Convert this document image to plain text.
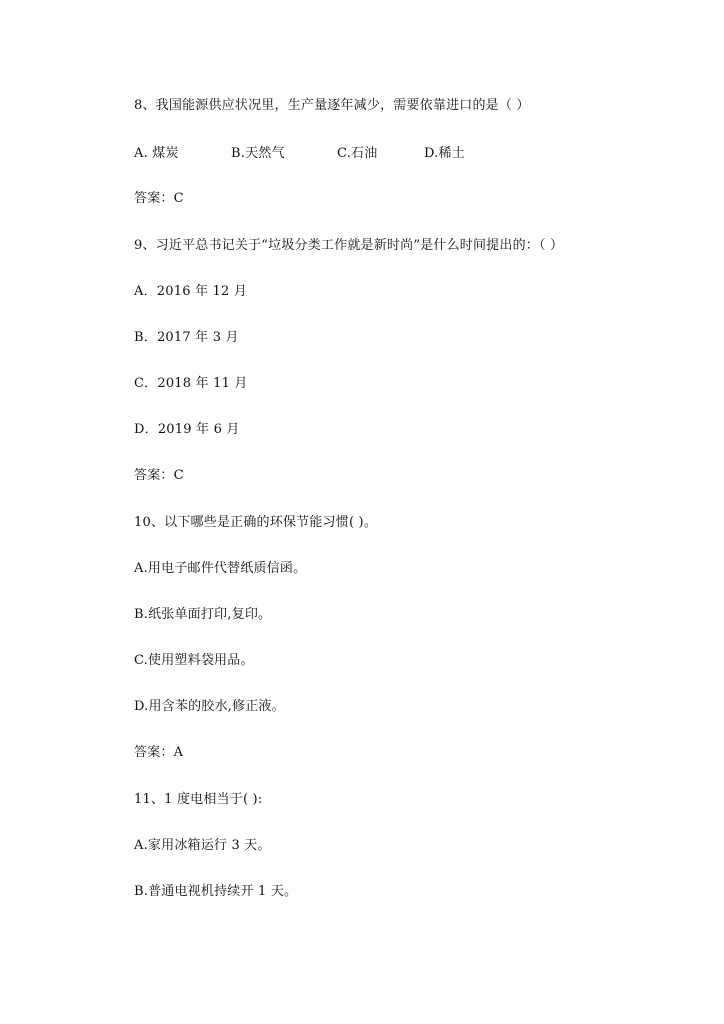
8、我国能源供应状况里，生产量逐年减少，需要依靠进口的是（ ）
A. 煤炭	B.天然气	C.石油	D.稀土
答案：C
9、习近平总书记关于“垃圾分类工作就是新时尚”是什么时间提出的：（ ）
A．2016 年 12 月
B．2017 年 3 月
C．2018 年 11 月
D．2019 年 6 月
答案：C
10、以下哪些是正确的环保节能习惯( )。
A.用电子邮件代替纸质信函。
B.纸张单面打印,复印。
C.使用塑料袋用品。
D.用含苯的胶水,修正液。
答案：A
11、1 度电相当于( ):
A.家用冰箱运行 3 天。
B.普通电视机持续开 1 天。
